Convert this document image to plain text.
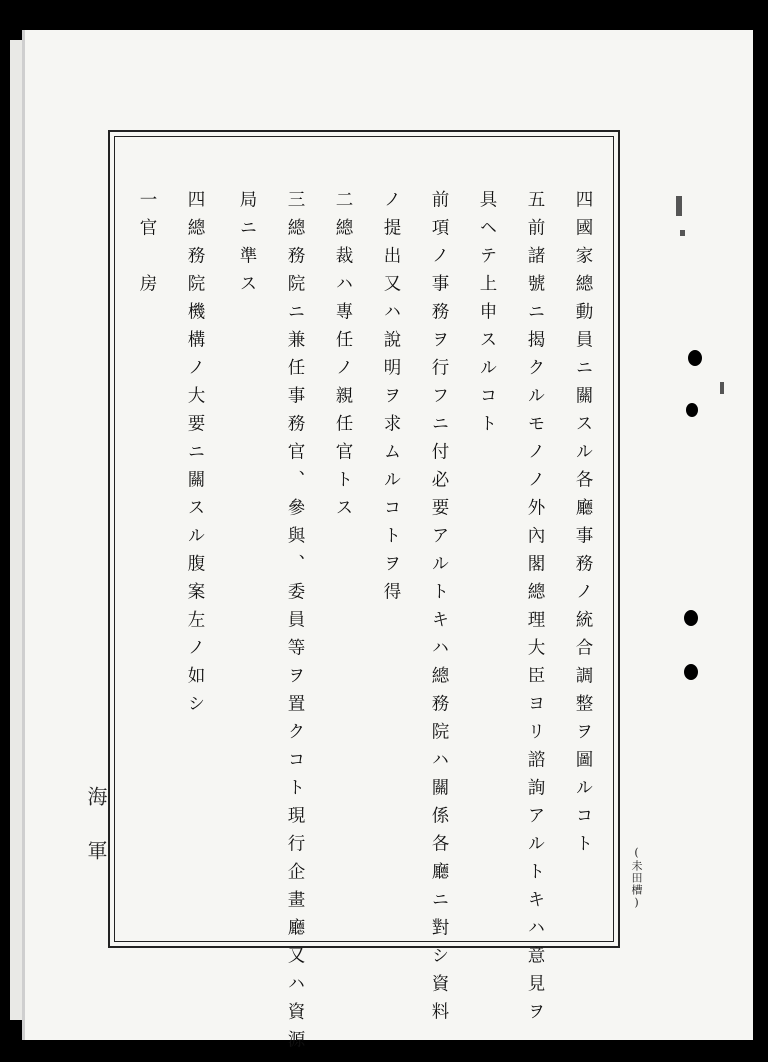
四國家總動員ニ關スル各廳事務ノ統合調整ヲ圖ルコト
五前諸號ニ揭クルモノノ外內閣總理大臣ヨリ諮詢アルトキハ意見ヲ
具ヘテ上申スルコト
前項ノ事務ヲ行フニ付必要アルトキハ總務院ハ關係各廳ニ對シ資料
ノ提出又ハ說明ヲ求ムルコトヲ得
二總裁ハ專任ノ親任官トス
三總務院ニ兼任事務官、參與、委員等ヲ置クコト現行企畫廳又ハ資源
局ニ準ス
四總務院機構ノ大要ニ關スル腹案左ノ如シ
一官　房
海軍	(未田槽)
